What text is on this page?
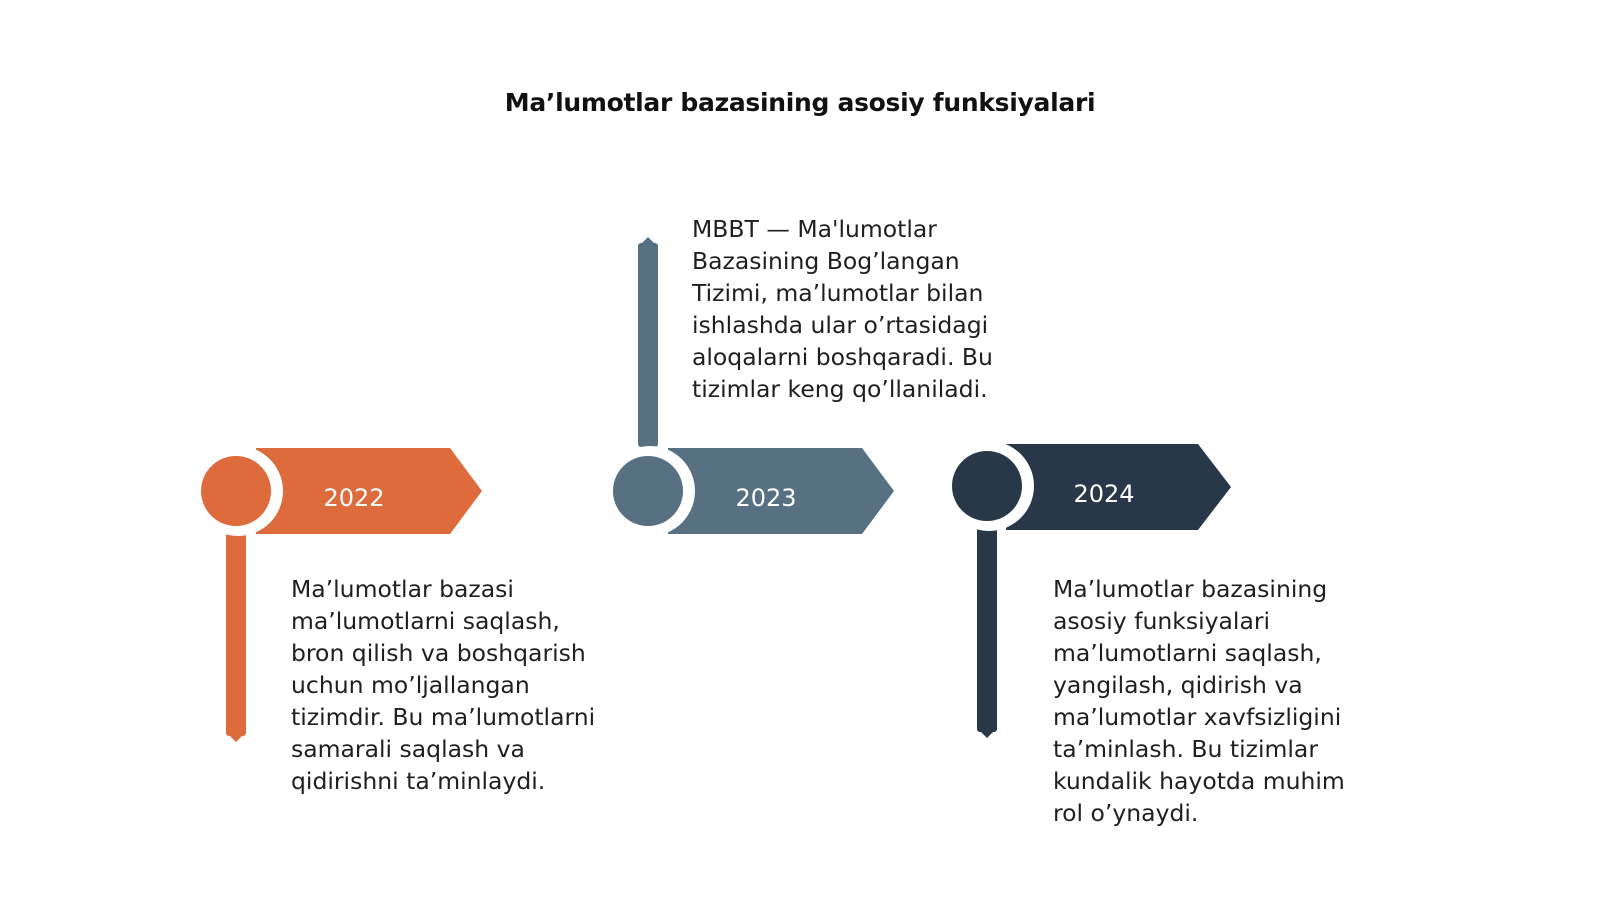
Ma’lumotlar bazasining asosiy funksiyalari
2022	2023	2024
Ma’lumotlar bazasi
ma’lumotlarni saqlash,
bron qilish va boshqarish
uchun mo’ljallangan
tizimdir. Bu ma’lumotlarni
samarali saqlash va
qidirishni ta’minlaydi.
MBBT — Ma'lumotlar
Bazasining Bog’langan
Tizimi, ma’lumotlar bilan
ishlashda ular o’rtasidagi
aloqalarni boshqaradi. Bu
tizimlar keng qo’llaniladi.
Ma’lumotlar bazasining
asosiy funksiyalari
ma’lumotlarni saqlash,
yangilash, qidirish va
ma’lumotlar xavfsizligini
ta’minlash. Bu tizimlar
kundalik hayotda muhim
rol o’ynaydi.
